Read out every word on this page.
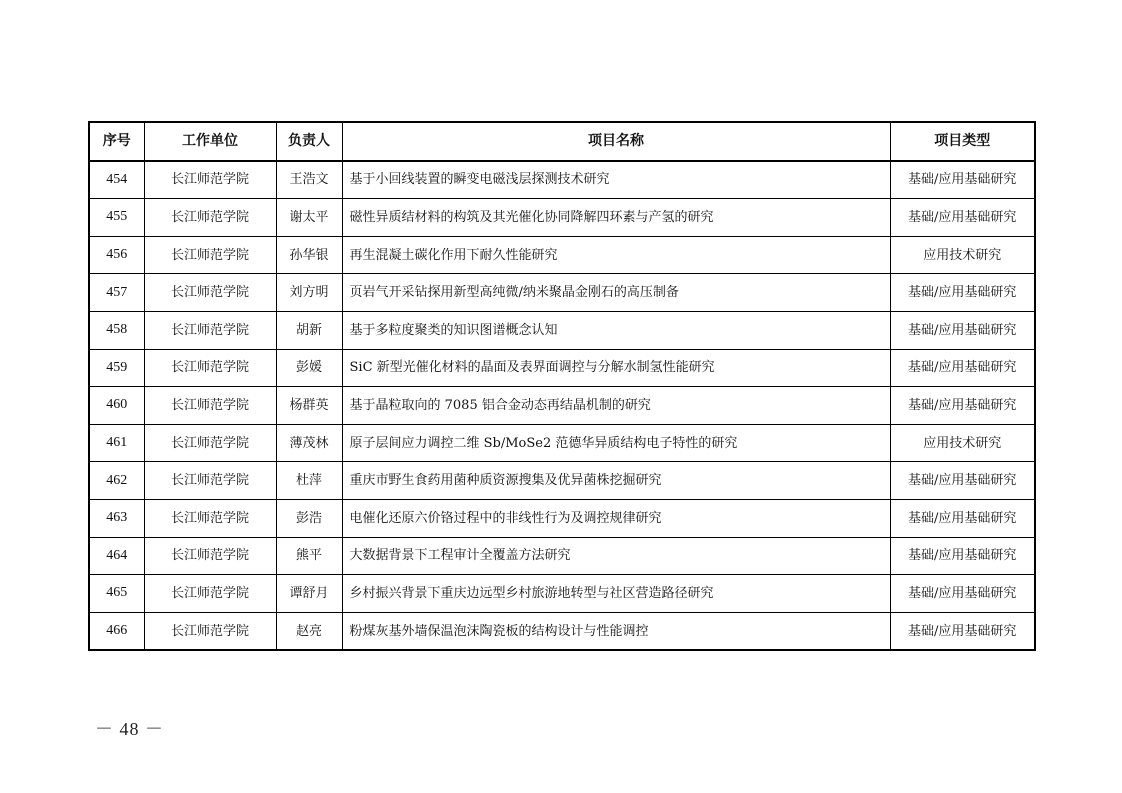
序号	工作单位	负责人	项目名称	项目类型
454	长江师范学院	王浩文	基于小回线装置的瞬变电磁浅层探测技术研究	基础/应用基础研究
455	长江师范学院	谢太平	磁性异质结材料的构筑及其光催化协同降解四环素与产氢的研究	基础/应用基础研究
456	长江师范学院	孙华银	再生混凝土碳化作用下耐久性能研究	应用技术研究
457	长江师范学院	刘方明	页岩气开采钻探用新型高纯微/纳米聚晶金刚石的高压制备	基础/应用基础研究
458	长江师范学院	胡新	基于多粒度聚类的知识图谱概念认知	基础/应用基础研究
459	长江师范学院	彭媛	SiC 新型光催化材料的晶面及表界面调控与分解水制氢性能研究	基础/应用基础研究
460	长江师范学院	杨群英	基于晶粒取向的 7085 铝合金动态再结晶机制的研究	基础/应用基础研究
461	长江师范学院	薄茂林	原子层间应力调控二维 Sb/MoSe2 范德华异质结构电子特性的研究	应用技术研究
462	长江师范学院	杜萍	重庆市野生食药用菌种质资源搜集及优异菌株挖掘研究	基础/应用基础研究
463	长江师范学院	彭浩	电催化还原六价铬过程中的非线性行为及调控规律研究	基础/应用基础研究
464	长江师范学院	熊平	大数据背景下工程审计全覆盖方法研究	基础/应用基础研究
465	长江师范学院	谭舒月	乡村振兴背景下重庆边远型乡村旅游地转型与社区营造路径研究	基础/应用基础研究
466	长江师范学院	赵亮	粉煤灰基外墙保温泡沫陶瓷板的结构设计与性能调控	基础/应用基础研究
－ 48 －
